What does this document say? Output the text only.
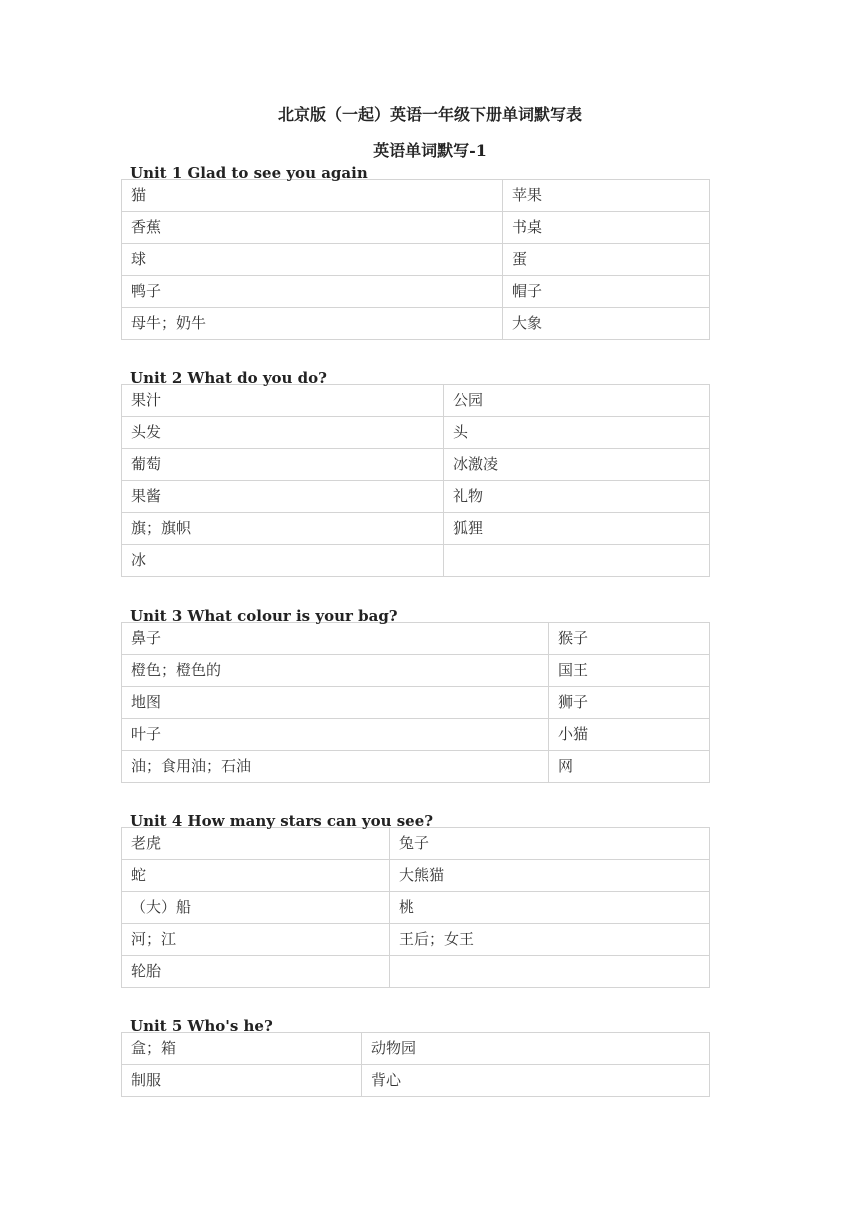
北京版（一起）英语一年级下册单词默写表
英语单词默写-1
Unit 1 Glad to see you again
猫	苹果
香蕉	书桌
球	蛋
鸭子	帽子
母牛；奶牛	大象
Unit 2 What do you do?
果汁	公园
头发	头
葡萄	冰激凌
果酱	礼物
旗；旗帜	狐狸
冰	
Unit 3 What colour is your bag?
鼻子	猴子
橙色；橙色的	国王
地图	狮子
叶子	小猫
油；食用油；石油	网
Unit 4 How many stars can you see?
老虎	兔子
蛇	大熊猫
（大）船	桃
河；江	王后；女王
轮胎	
Unit 5 Who's he?
盒；箱	动物园
制服	背心
